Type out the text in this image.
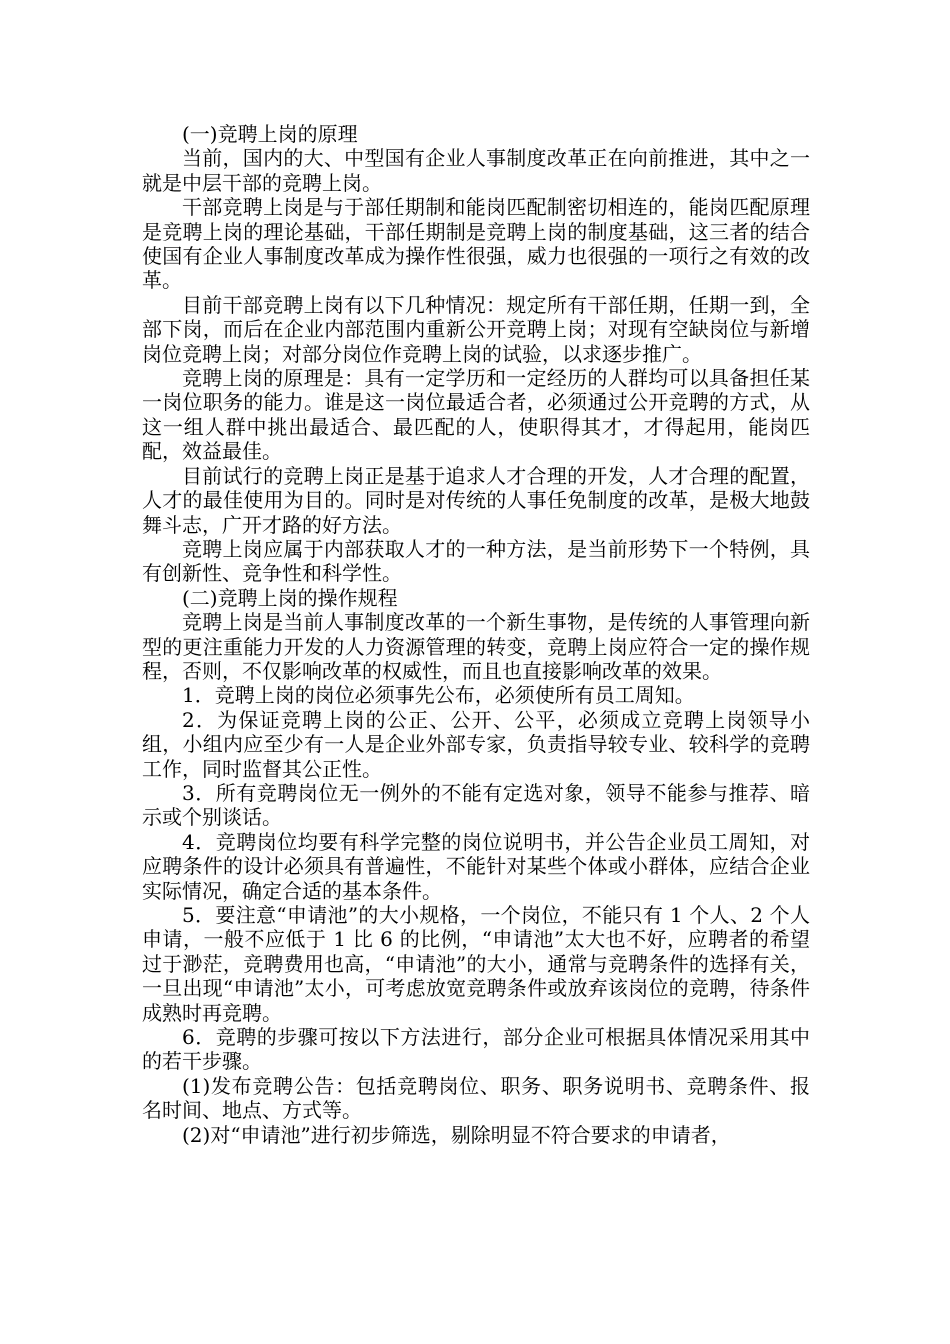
(一)竞聘上岗的原理

当前，国内的大、中型国有企业人事制度改革正在向前推进，其中之一就是中层干部的竞聘上岗。

干部竞聘上岗是与于部任期制和能岗匹配制密切相连的，能岗匹配原理是竞聘上岗的理论基础，干部任期制是竞聘上岗的制度基础，这三者的结合使国有企业人事制度改革成为操作性很强，威力也很强的一项行之有效的改革。

目前干部竞聘上岗有以下几种情况：规定所有干部任期，任期一到，全部下岗，而后在企业内部范围内重新公开竞聘上岗；对现有空缺岗位与新增岗位竞聘上岗；对部分岗位作竞聘上岗的试验，以求逐步推广。

竞聘上岗的原理是：具有一定学历和一定经历的人群均可以具备担任某一岗位职务的能力。谁是这一岗位最适合者，必须通过公开竞聘的方式，从这一组人群中挑出最适合、最匹配的人，使职得其才，才得起用，能岗匹配，效益最佳。

目前试行的竞聘上岗正是基于追求人才合理的开发，人才合理的配置，人才的最佳使用为目的。同时是对传统的人事任免制度的改革，是极大地鼓舞斗志，广开才路的好方法。

竞聘上岗应属于内部获取人才的一种方法，是当前形势下一个特例，具有创新性、竞争性和科学性。

(二)竞聘上岗的操作规程

竞聘上岗是当前人事制度改革的一个新生事物，是传统的人事管理向新型的更注重能力开发的人力资源管理的转变，竞聘上岗应符合一定的操作规程，否则，不仅影响改革的权威性，而且也直接影响改革的效果。

1．竞聘上岗的岗位必须事先公布，必须使所有员工周知。

2．为保证竞聘上岗的公正、公开、公平，必须成立竞聘上岗领导小组，小组内应至少有一人是企业外部专家，负责指导较专业、较科学的竞聘工作，同时监督其公正性。

3．所有竞聘岗位无一例外的不能有定选对象，领导不能参与推荐、暗示或个别谈话。

4．竞聘岗位均要有科学完整的岗位说明书，并公告企业员工周知，对应聘条件的设计必须具有普遍性，不能针对某些个体或小群体，应结合企业实际情况，确定合适的基本条件。

5．要注意“申请池”的大小规格，一个岗位，不能只有 1 个人、2 个人申请，一般不应低于 1 比 6 的比例，“申请池”太大也不好，应聘者的希望过于渺茫，竞聘费用也高，“申请池”的大小，通常与竞聘条件的选择有关，一旦出现“申请池”太小，可考虑放宽竞聘条件或放弃该岗位的竞聘，待条件成熟时再竞聘。

6．竞聘的步骤可按以下方法进行，部分企业可根据具体情况采用其中的若干步骤。

(1)发布竞聘公告：包括竞聘岗位、职务、职务说明书、竞聘条件、报名时间、地点、方式等。

(2)对“申请池”进行初步筛选，剔除明显不符合要求的申请者，
